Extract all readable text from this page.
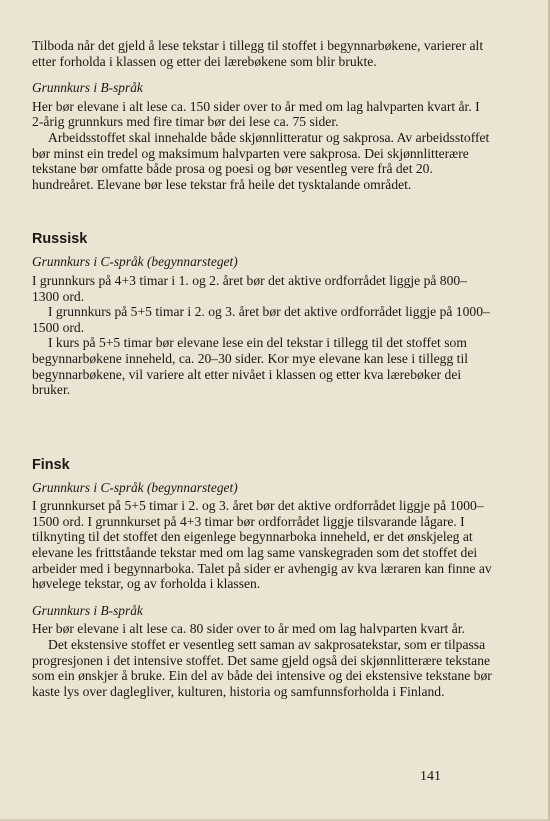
Tilboda når det gjeld å lese tekstar i tillegg til stoffet i begynnarbøkene, varierer alt etter forholda i klassen og etter dei lærebøkene som blir brukte.

Grunnkurs i B-språk

Her bør elevane i alt lese ca. 150 sider over to år med om lag halvparten kvart år. I 2-årig grunnkurs med fire timar bør dei lese ca. 75 sider.

Arbeidsstoffet skal innehalde både skjønnlitteratur og sakprosa. Av arbeidsstoffet bør minst ein tredel og maksimum halvparten vere sakprosa. Dei skjønnlitterære tekstane bør omfatte både prosa og poesi og bør vesentleg vere frå det 20. hundreåret. Elevane bør lese tekstar frå heile det tysktalande området.

Russisk

Grunnkurs i C-språk (begynnarsteget)

I grunnkurs på 4+3 timar i 1. og 2. året bør det aktive ordforrådet liggje på 800–1300 ord.

I grunnkurs på 5+5 timar i 2. og 3. året bør det aktive ordforrådet liggje på 1000–1500 ord.

I kurs på 5+5 timar bør elevane lese ein del tekstar i tillegg til det stoffet som begynnarbøkene inneheld, ca. 20–30 sider. Kor mye elevane kan lese i tillegg til begynnarbøkene, vil variere alt etter nivået i klassen og etter kva lærebøker dei bruker.

Finsk

Grunnkurs i C-språk (begynnarsteget)

I grunnkurset på 5+5 timar i 2. og 3. året bør det aktive ordforrådet liggje på 1000–1500 ord. I grunnkurset på 4+3 timar bør ordforrådet liggje tilsvarande lågare. I tilknyting til det stoffet den eigenlege begynnarboka inneheld, er det ønskjeleg at elevane les frittståande tekstar med om lag same vanskegraden som det stoffet dei arbeider med i begynnarboka. Talet på sider er avhengig av kva læraren kan finne av høvelege tekstar, og av forholda i klassen.

Grunnkurs i B-språk

Her bør elevane i alt lese ca. 80 sider over to år med om lag halvparten kvart år.

Det ekstensive stoffet er vesentleg sett saman av sakprosatekstar, som er tilpassa progresjonen i det intensive stoffet. Det same gjeld også dei skjønnlitterære tekstane som ein ønskjer å bruke. Ein del av både dei intensive og dei ekstensive tekstane bør kaste lys over daglegliver, kulturen, historia og samfunnsforholda i Finland.

141
